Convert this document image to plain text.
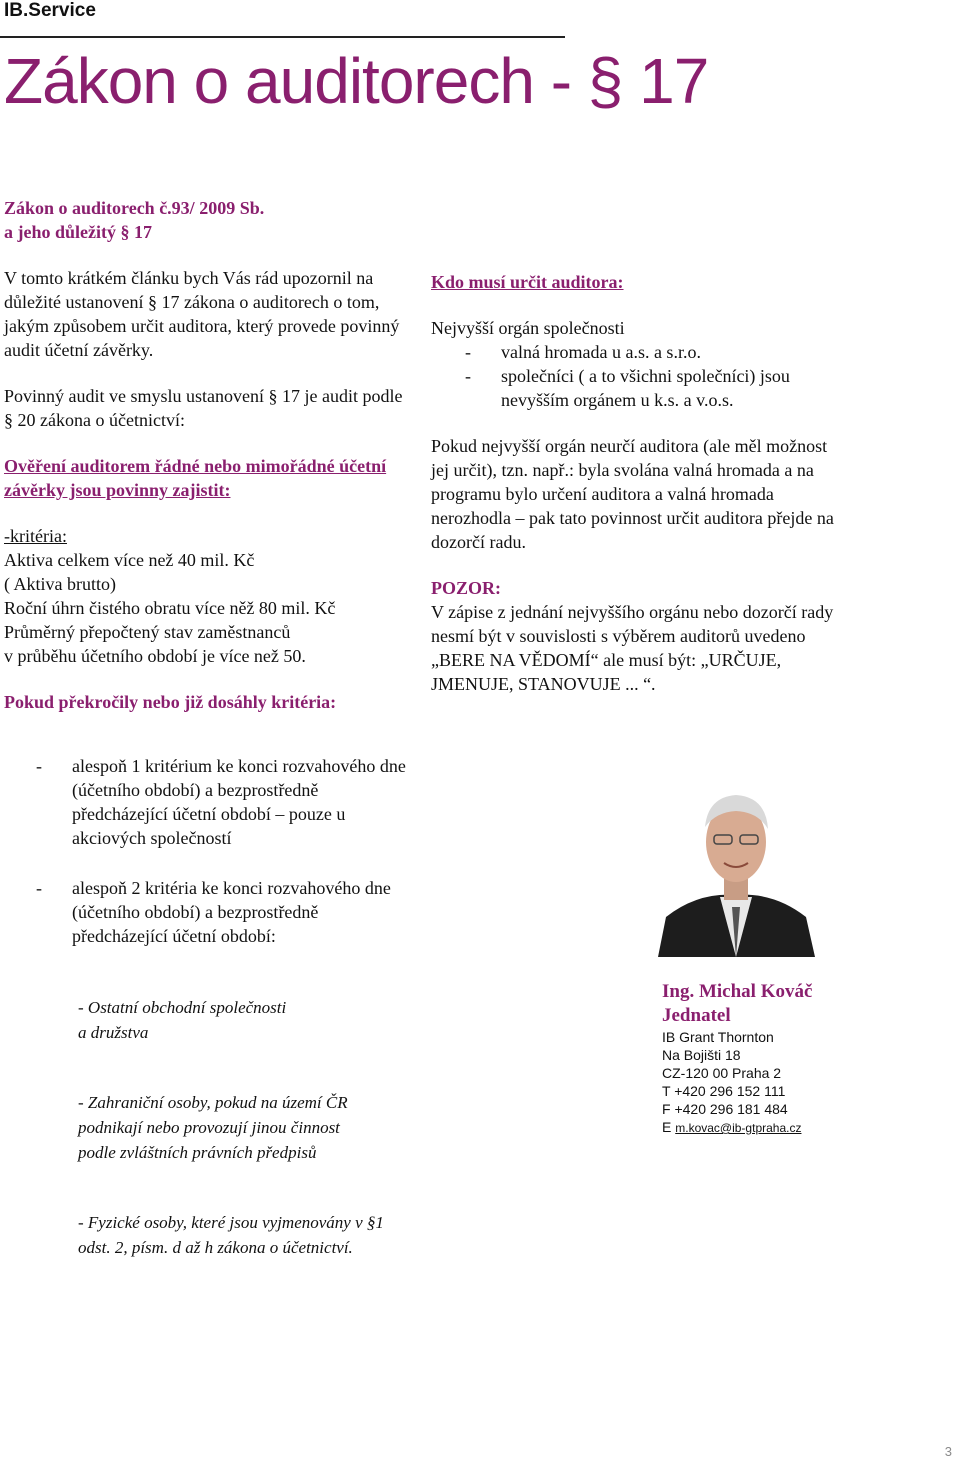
IB.Service
Zákon o auditorech - § 17
Zákon o auditorech č.93/ 2009 Sb.
a jeho důležitý § 17

V tomto krátkém článku bych Vás rád upozornil na důležité ustanovení § 17 zákona o auditorech o tom, jakým způsobem určit auditora, který provede povinný audit účetní závěrky.

Povinný audit ve smyslu ustanovení § 17 je audit podle § 20 zákona o účetnictví:

Ověření auditorem řádné nebo mimořádné účetní závěrky jsou povinny zajistit:

-kritéria:
Aktiva celkem více než 40 mil. Kč
( Aktiva brutto)
Roční úhrn čistého obratu více něž 80 mil. Kč
Průměrný přepočtený stav zaměstnanců
v průběhu účetního období je více než 50.
Pokud překročily nebo již dosáhly kritéria:
- alespoň 1 kritérium ke konci rozvahového dne (účetního období) a bezprostředně předcházející účetní období – pouze u akciových společností
- alespoň 2 kritéria ke konci rozvahového dne (účetního období) a bezprostředně předcházející účetní období:

- Ostatní obchodní společnosti
a družstva

- Zahraniční osoby, pokud na území ČR
podnikají nebo provozují jinou činnost
podle zvláštních právních předpisů

- Fyzické osoby, které jsou vyjmenovány v §1
odst. 2, písm. d až h zákona o účetnictví.

Kdo musí určit auditora:
Nejvyšší orgán společnosti
- valná hromada u a.s. a s.r.o.
- společníci ( a to všichni společníci) jsou nevyšším orgánem u k.s. a v.o.s.

Pokud nejvyšší orgán neurčí auditora (ale měl možnost jej určit), tzn. např.: byla svolána valná hromada a na programu bylo určení auditora a valná hromada nerozhodla – pak tato povinnost určit auditora přejde na dozorčí radu.

POZOR:

V zápise z jednání nejvyššího orgánu nebo dozorčí rady nesmí být v souvislosti s výběrem auditorů uvedeno „BERE NA VĚDOMÍ“ ale musí být: „URČUJE, JMENUJE, STANOVUJE ... “.

Ing. Michal Kováč
Jednatel
IB Grant Thornton
Na Bojišti 18
CZ-120 00 Praha 2
T +420 296 152 111
F +420 296 181 484
E m.kovac@ib-gtpraha.cz
3
